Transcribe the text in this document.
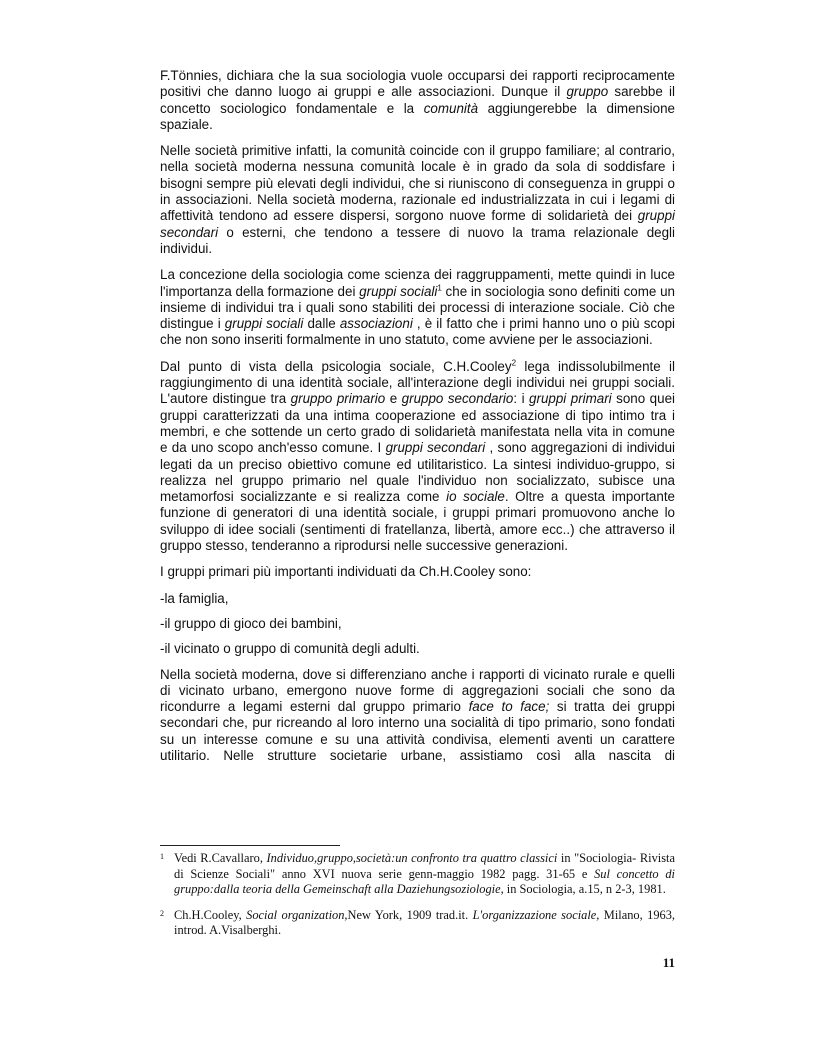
F.Tönnies, dichiara che la sua sociologia vuole occuparsi dei rapporti reciprocamente positivi che danno luogo ai gruppi e alle associazioni. Dunque il gruppo sarebbe il concetto sociologico fondamentale e la comunità aggiungerebbe la dimensione spaziale.

Nelle società primitive infatti, la comunità coincide con il gruppo familiare; al contrario, nella società moderna nessuna comunità locale è in grado da sola di soddisfare i bisogni sempre più elevati degli individui, che si riuniscono di conseguenza in gruppi o in associazioni. Nella società moderna, razionale ed industrializzata in cui i legami di affettività tendono ad essere dispersi, sorgono nuove forme di solidarietà dei gruppi secondari o esterni, che tendono a tessere di nuovo la trama relazionale degli individui.

La concezione della sociologia come scienza dei raggruppamenti, mette quindi in luce l'importanza della formazione dei gruppi sociali$^1$ che in sociologia sono definiti come un insieme di individui tra i quali sono stabiliti dei processi di interazione sociale. Ciò che distingue i gruppi sociali dalle associazioni , è il fatto che i primi hanno uno o più scopi che non sono inseriti formalmente in uno statuto, come avviene per le associazioni.

Dal punto di vista della psicologia sociale, C.H.Cooley$^2$ lega indissolubilmente il raggiungimento di una identità sociale, all'interazione degli individui nei gruppi sociali. L'autore distingue tra gruppo primario e gruppo secondario: i gruppi primari sono quei gruppi caratterizzati da una intima cooperazione ed associazione di tipo intimo tra i membri, e che sottende un certo grado di solidarietà manifestata nella vita in comune e da uno scopo anch'esso comune. I gruppi secondari , sono aggregazioni di individui legati da un preciso obiettivo comune ed utilitaristico. La sintesi individuo-gruppo, si realizza nel gruppo primario nel quale l'individuo non socializzato, subisce una metamorfosi socializzante e si realizza come io sociale. Oltre a questa importante funzione di generatori di una identità sociale, i gruppi primari promuovono anche lo sviluppo di idee sociali (sentimenti di fratellanza, libertà, amore ecc..) che attraverso il gruppo stesso, tenderanno a riprodursi nelle successive generazioni.

I gruppi primari più importanti individuati da Ch.H.Cooley sono:

-la famiglia,

-il gruppo di gioco dei bambini,

-il vicinato o gruppo di comunità degli adulti.

Nella società moderna, dove si differenziano anche i rapporti di vicinato rurale e quelli di vicinato urbano, emergono nuove forme di aggregazioni sociali che sono da ricondurre a legami esterni dal gruppo primario face to face; si tratta dei gruppi secondari che, pur ricreando al loro interno una socialità di tipo primario, sono fondati su un interesse comune e su una attività condivisa, elementi aventi un carattere utilitario. Nelle strutture societarie urbane, assistiamo così alla nascita di

1 Vedi R.Cavallaro, Individuo,gruppo,società:un confronto tra quattro classici in "Sociologia- Rivista di Scienze Sociali" anno XVI nuova serie genn-maggio 1982 pagg. 31-65 e Sul concetto di gruppo:dalla teoria della Gemeinschaft alla Daziehungsoziologie, in Sociologia, a.15, n 2-3, 1981.
2 Ch.H.Cooley, Social organization,New York, 1909 trad.it. L'organizzazione sociale, Milano, 1963, introd. A.Visalberghi.
11
